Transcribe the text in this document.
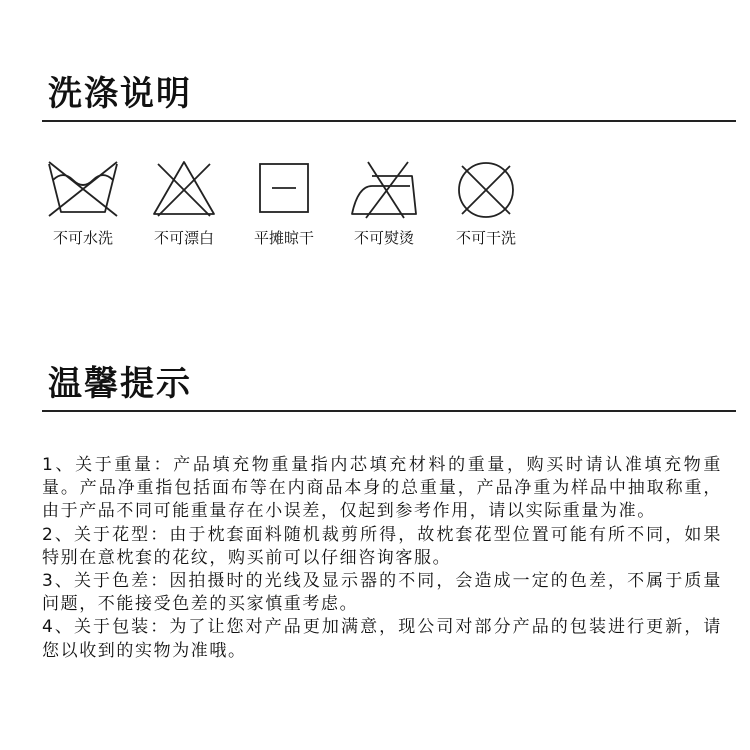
洗涤说明
不可水洗	不可漂白	平摊晾干	不可熨烫	不可干洗
温馨提示
1、关于重量：产品填充物重量指内芯填充材料的重量，购买时请认准填充物重量。产品净重指包括面布等在内商品本身的总重量，产品净重为样品中抽取称重，由于产品不同可能重量存在小误差，仅起到参考作用，请以实际重量为准。
2、关于花型：由于枕套面料随机裁剪所得，故枕套花型位置可能有所不同，如果特别在意枕套的花纹，购买前可以仔细咨询客服。
3、关于色差：因拍摄时的光线及显示器的不同，会造成一定的色差，不属于质量问题，不能接受色差的买家慎重考虑。
4、关于包装：为了让您对产品更加满意，现公司对部分产品的包装进行更新，请您以收到的实物为准哦。
